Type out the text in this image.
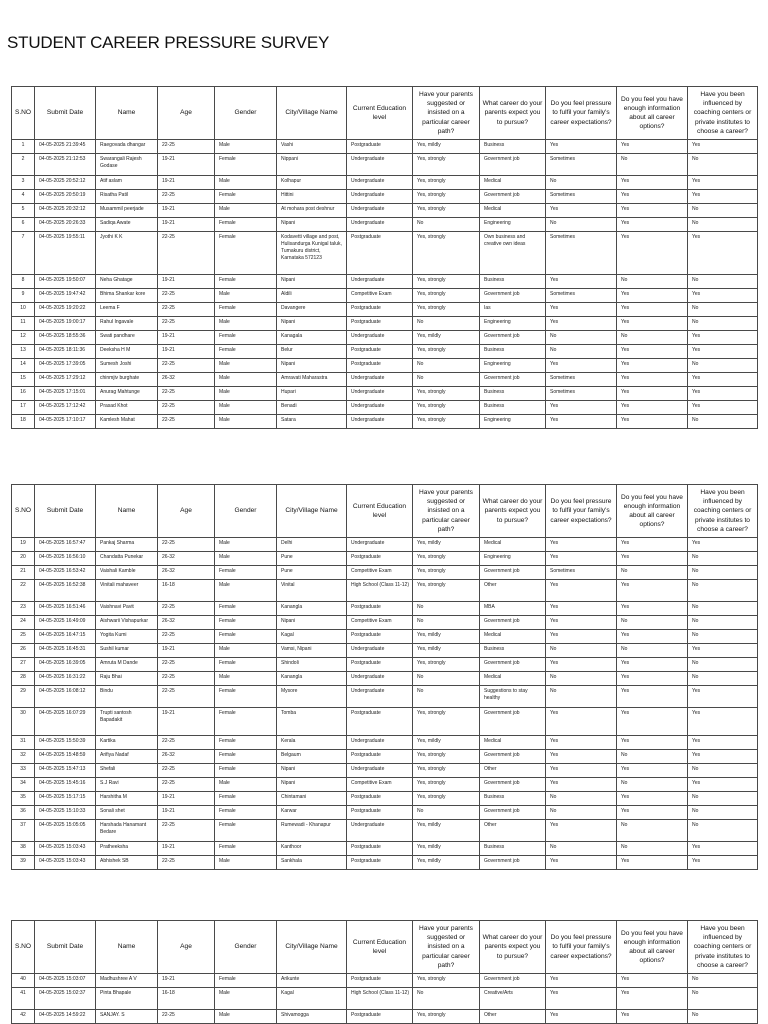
STUDENT CAREER PRESSURE SURVEY
S.NO	Submit Date	Name	Age	Gender	City/Village Name	Current Education level	Have your parents suggested or insisted on a particular career path?	What career do your parents expect you to pursue?	Do you feel pressure to fulfil your family's career expectations?	Do you feel you have enough information about all career options?	Have you been influenced by coaching centers or private institutes to choose a career?
1	04-05-2025 21:39:45	Raegovada dhangar	22-25	Male	Vashi	Postgraduate	Yes, mildly	Business	Yes	Yes	Yes
2	04-05-2025 21:12:53	Swarangali Rajesh Godase	19-21	Female	Nippani	Undergraduate	Yes, strongly	Government job	Sometimes	No	No
3	04-05-2025 20:52:12	Atif aslam	19-21	Male	Kolhapur	Undergraduate	Yes, strongly	Medical	No	Yes	Yes
4	04-05-2025 20:50:19	Risatha Patil	22-25	Female	Hittini	Undergraduate	Yes, strongly	Government job	Sometimes	Yes	Yes
5	04-05-2025 20:32:12	Musammil peerjade	19-21	Male	At mohara post deshnur	Undergraduate	Yes, strongly	Medical	Yes	Yes	No
6	04-05-2025 20:26:33	Sadiqa Awate	19-21	Female	Nipani	Undergraduate	No	Engineering	No	Yes	No
7	04-05-2025 19:55:11	Jyothi K K	22-25	Female	Kodavetti village and post, Hulisandurga Kunigal taluk, Tumakuru district, Karnataka 572123	Postgraduate	Yes, strongly	Own business and creative own ideas	Sometimes	Yes	Yes
8	04-05-2025 19:50:07	Neha Ghatage	19-21	Female	Nipani	Undergraduate	Yes, strongly	Business	Yes	No	No
9	04-05-2025 19:47:42	Bhima Shankar kore	22-25	Male	Aldili	Competitive Exam	Yes, strongly	Government job	Sometimes	Yes	Yes
10	04-05-2025 19:20:22	Leema F	22-25	Female	Davangere	Postgraduate	Yes, strongly	Ias	Yes	Yes	No
11	04-05-2025 19:00:17	Rahul Ingavale	22-25	Male	Nipani	Postgraduate	No	Engineering	Yes	Yes	No
12	04-05-2025 18:55:36	Swati pandhare	19-21	Female	Kanagala	Undergraduate	Yes, mildly	Government job	No	No	Yes
13	04-05-2025 18:11:36	Deeksha H M	19-21	Female	Belur	Postgraduate	Yes, strongly	Business	No	Yes	Yes
14	04-05-2025 17:39:05	Sumesh Joshi	22-25	Male	Nipani	Postgraduate	No	Engineering	Yes	Yes	No
15	04-05-2025 17:29:12	chinmjiv burghate	26-32	Male	Amravati Maharastra	Undergraduate	No	Government job	Sometimes	Yes	Yes
16	04-05-2025 17:15:01	Anurag Mahtunge	22-25	Male	Hupari	Undergraduate	Yes, strongly	Business	Sometimes	Yes	Yes
17	04-05-2025 17:12:42	Prasad Khot	22-25	Male	Benadi	Undergraduate	Yes, strongly	Business	Yes	Yes	Yes
18	04-05-2025 17:10:17	Kamlesh Mahat	22-25	Male	Satara	Undergraduate	Yes, strongly	Engineering	Yes	Yes	No
S.NO	Submit Date	Name	Age	Gender	City/Village Name	Current Education level	Have your parents suggested or insisted on a particular career path?	What career do your parents expect you to pursue?	Do you feel pressure to fulfil your family's career expectations?	Do you feel you have enough information about all career options?	Have you been influenced by coaching centers or private institutes to choose a career?
19	04-05-2025 16:57:47	Pankaj Sharma	22-25	Male	Delhi	Undergraduate	Yes, mildly	Medical	Yes	Yes	Yes
20	04-05-2025 16:56:10	Chandatta Punekar	26-32	Male	Pune	Postgraduate	Yes, strongly	Engineering	Yes	Yes	No
21	04-05-2025 16:53:42	Vaishali Kamble	26-32	Female	Pune	Competitive Exam	Yes, strongly	Government job	Sometimes	No	No
22	04-05-2025 16:52:38	Vinitali mahaveer	16-18	Male	Vinital	High School (Class 11-12)	Yes, strongly	Other	Yes	Yes	No
23	04-05-2025 16:51:46	Vaishnavi Pavit	22-25	Female	Kanangla	Postgraduate	No	MBA	Yes	Yes	No
24	04-05-2025 16:49:09	Aishwarii Vishapurkar	26-32	Female	Nipani	Competitive Exam	No	Government job	Yes	No	No
25	04-05-2025 16:47:15	Yogita Kumi	22-25	Female	Kagal	Postgraduate	Yes, mildly	Medical	Yes	Yes	No
26	04-05-2025 16:45:31	Sushil kumar	19-21	Male	Vamsi, Nipani	Undergraduate	Yes, mildly	Business	No	No	Yes
27	04-05-2025 16:39:05	Amruta M Dande	22-25	Female	Shindoli	Postgraduate	Yes, strongly	Government job	Yes	Yes	No
28	04-05-2025 16:31:22	Raju Bhai	22-25	Male	Kanangla	Undergraduate	No	Medical	No	Yes	No
29	04-05-2025 16:08:12	Bindu	22-25	Female	Mysore	Undergraduate	No	Suggestions to stay healthy	No	Yes	Yes
30	04-05-2025 16:07:29	Trupti santosh Bapadakit	19-21	Female	Tomba	Postgraduate	Yes, strongly	Government job	Yes	Yes	Yes
31	04-05-2025 15:50:39	Kartika	22-25	Female	Kerala	Undergraduate	Yes, mildly	Medical	Yes	Yes	Yes
32	04-05-2025 15:48:59	Arifiya Nadaf	26-32	Female	Belgaum	Postgraduate	Yes, strongly	Government job	Yes	No	Yes
33	04-05-2025 15:47:13	Shefali	22-25	Female	Nipani	Undergraduate	Yes, strongly	Other	Yes	Yes	No
34	04-05-2025 15:45:16	S.J Ravi	22-25	Male	Nipani	Competitive Exam	Yes, strongly	Government job	Yes	No	Yes
35	04-05-2025 15:17:15	Harshitha M	19-21	Female	Chintamani	Postgraduate	Yes, strongly	Business	No	Yes	No
36	04-05-2025 15:10:33	Sonali shet	19-21	Female	Karwar	Postgraduate	No	Government job	No	Yes	No
37	04-05-2025 15:05:05	Harshada Hanamant Bedare	22-25	Female	Rumewadi - Khanapur	Undergraduate	Yes, mildly	Other	Yes	No	No
38	04-05-2025 15:03:43	Pratheeksha	19-21	Female	Kanthoor	Postgraduate	Yes, mildly	Business	No	No	Yes
39	04-05-2025 15:03:43	Abhishek SB	22-25	Male	Sankhala	Postgraduate	Yes, mildly	Government job	Yes	Yes	Yes
S.NO	Submit Date	Name	Age	Gender	City/Village Name	Current Education level	Have your parents suggested or insisted on a particular career path?	What career do your parents expect you to pursue?	Do you feel pressure to fulfil your family's career expectations?	Do you feel you have enough information about all career options?	Have you been influenced by coaching centers or private institutes to choose a career?
40	04-05-2025 15:03:07	Madhushree A V	19-21	Female	Arikunte	Postgraduate	Yes, strongly	Government job	Yes	Yes	No
41	04-05-2025 15:02:37	Pinta Bhapale	16-18	Male	Kagal	High School (Class 11-12)	No	Creative/Arts	Yes	Yes	No
42	04-05-2025 14:59:22	SANJAY. S	22-25	Male	Shivamogga	Postgraduate	Yes, strongly	Other	Yes	Yes	No
